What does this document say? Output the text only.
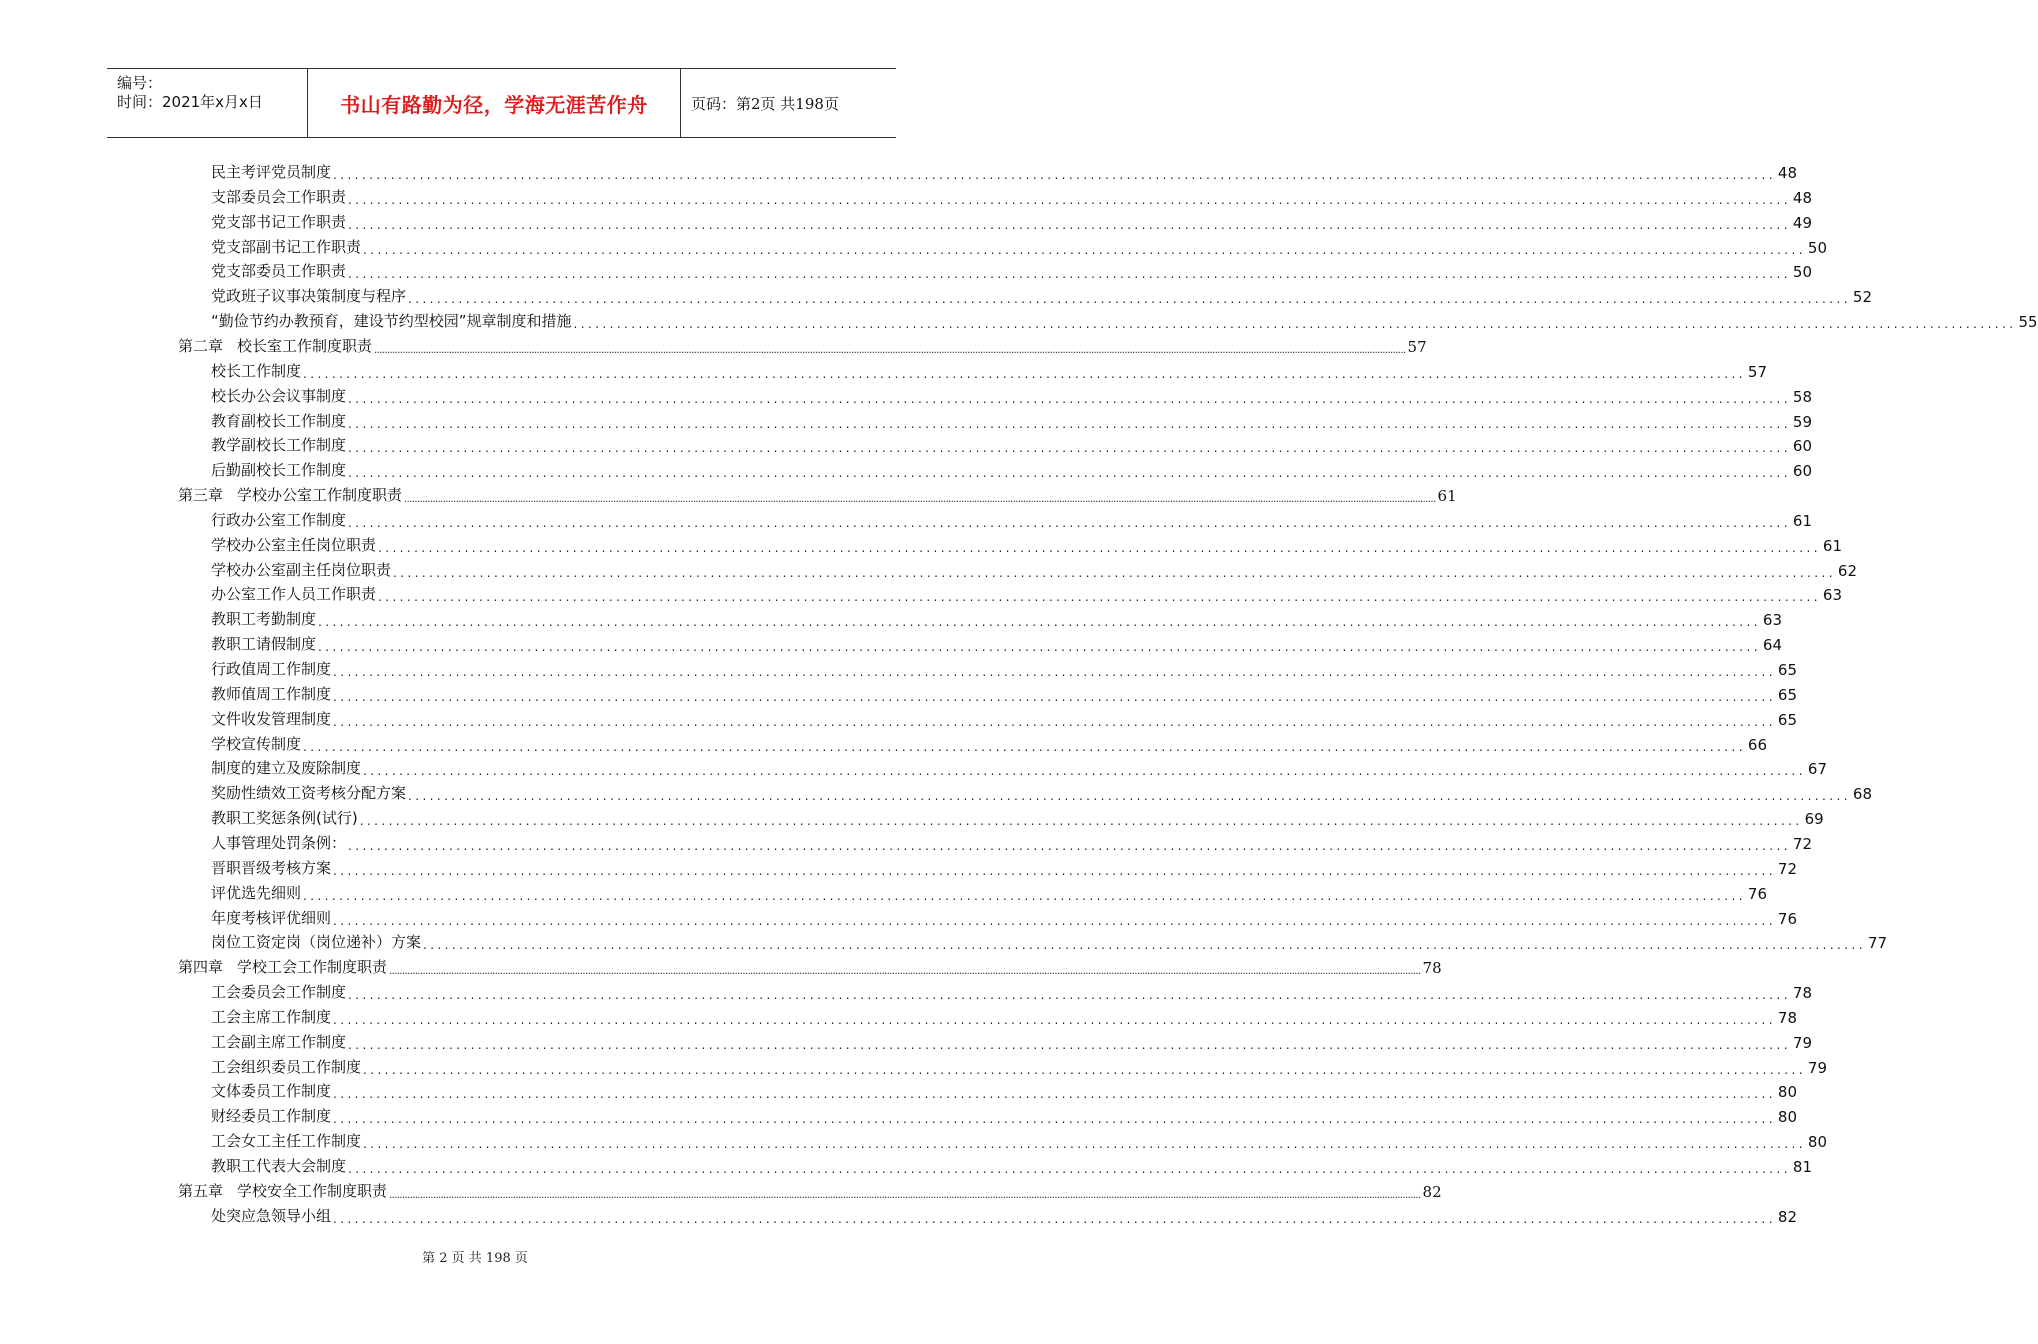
编号：
时间：2021年x月x日	书山有路勤为径，学海无涯苦作舟	页码：第2页 共198页
民主考评党员制度 ........................................................................................................................................................................................................ 48
支部委员会工作职责 ........................................................................................................................................................................................................ 48
党支部书记工作职责 ........................................................................................................................................................................................................ 49
党支部副书记工作职责 ........................................................................................................................................................................................................ 50
党支部委员工作职责 ........................................................................................................................................................................................................ 50
党政班子议事决策制度与程序 ........................................................................................................................................................................................................ 52
“勤俭节约办教预育，建设节约型校园”规章制度和措施 ........................................................................................................................................................................................................ 55
第二章 校长室工作制度职责 ................................................................................................................................................................................................................................................................................................................................................................................................................ 57
校长工作制度 ........................................................................................................................................................................................................ 57
校长办公会议事制度 ........................................................................................................................................................................................................ 58
教育副校长工作制度 ........................................................................................................................................................................................................ 59
教学副校长工作制度 ........................................................................................................................................................................................................ 60
后勤副校长工作制度 ........................................................................................................................................................................................................ 60
第三章 学校办公室工作制度职责 ................................................................................................................................................................................................................................................................................................................................................................................................................ 61
行政办公室工作制度 ........................................................................................................................................................................................................ 61
学校办公室主任岗位职责 ........................................................................................................................................................................................................ 61
学校办公室副主任岗位职责 ........................................................................................................................................................................................................ 62
办公室工作人员工作职责 ........................................................................................................................................................................................................ 63
教职工考勤制度 ........................................................................................................................................................................................................ 63
教职工请假制度 ........................................................................................................................................................................................................ 64
行政值周工作制度 ........................................................................................................................................................................................................ 65
教师值周工作制度 ........................................................................................................................................................................................................ 65
文件收发管理制度 ........................................................................................................................................................................................................ 65
学校宣传制度 ........................................................................................................................................................................................................ 66
制度的建立及废除制度 ........................................................................................................................................................................................................ 67
奖励性绩效工资考核分配方案 ........................................................................................................................................................................................................ 68
教职工奖惩条例(试行) ........................................................................................................................................................................................................ 69
人事管理处罚条例： ........................................................................................................................................................................................................ 72
晋职晋级考核方案 ........................................................................................................................................................................................................ 72
评优选先细则 ........................................................................................................................................................................................................ 76
年度考核评优细则 ........................................................................................................................................................................................................ 76
岗位工资定岗（岗位递补）方案 ........................................................................................................................................................................................................ 77
第四章 学校工会工作制度职责 ................................................................................................................................................................................................................................................................................................................................................................................................................ 78
工会委员会工作制度 ........................................................................................................................................................................................................ 78
工会主席工作制度 ........................................................................................................................................................................................................ 78
工会副主席工作制度 ........................................................................................................................................................................................................ 79
工会组织委员工作制度 ........................................................................................................................................................................................................ 79
文体委员工作制度 ........................................................................................................................................................................................................ 80
财经委员工作制度 ........................................................................................................................................................................................................ 80
工会女工主任工作制度 ........................................................................................................................................................................................................ 80
教职工代表大会制度 ........................................................................................................................................................................................................ 81
第五章 学校安全工作制度职责 ................................................................................................................................................................................................................................................................................................................................................................................................................ 82
处突应急领导小组 ........................................................................................................................................................................................................ 82
第 2 页 共 198 页
